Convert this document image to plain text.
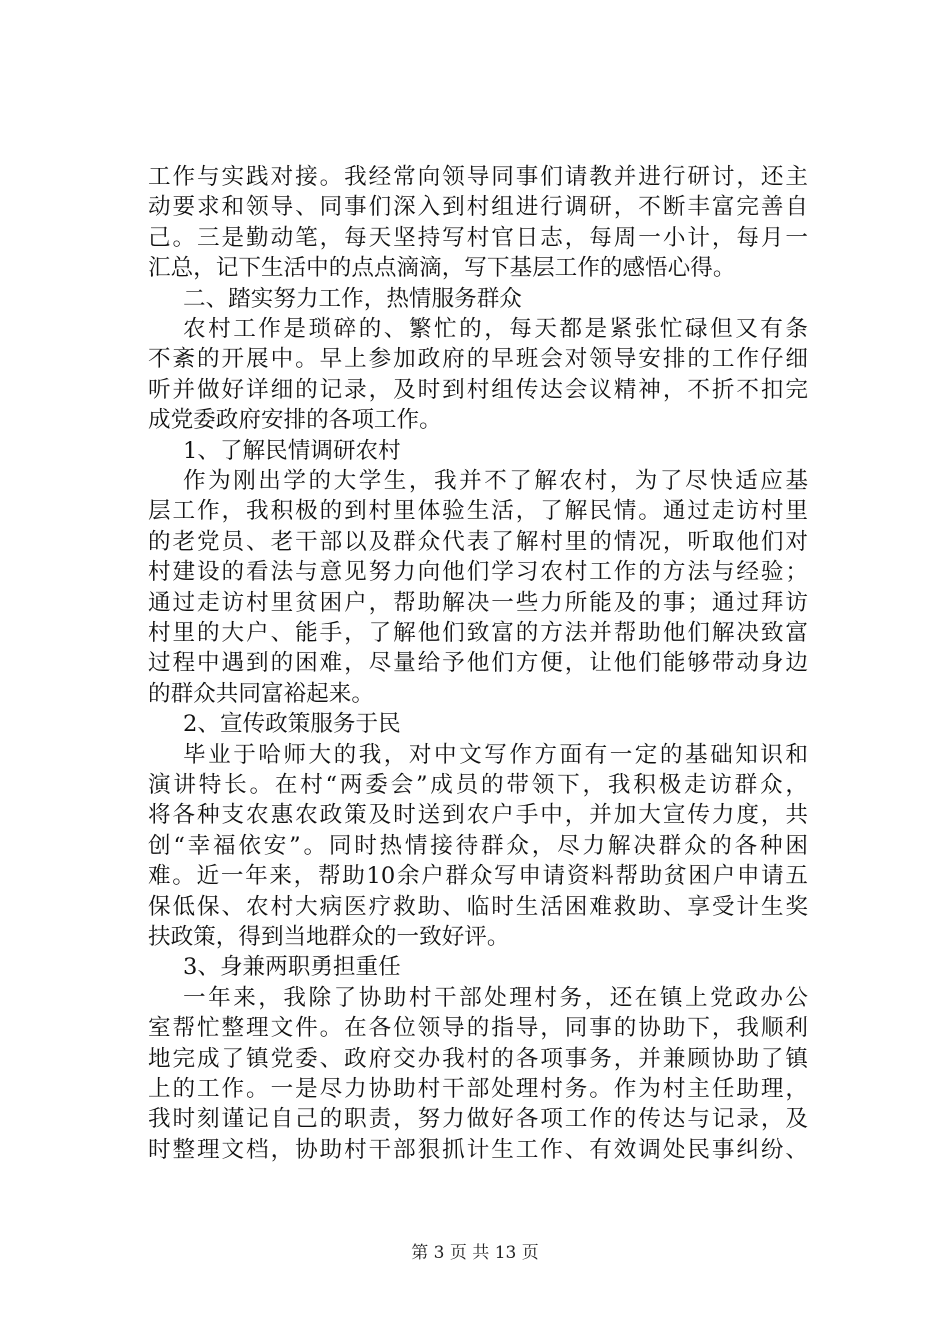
工作与实践对接。我经常向领导同事们请教并进行研讨，还主
动要求和领导、同事们深入到村组进行调研，不断丰富完善自
己。三是勤动笔，每天坚持写村官日志，每周一小计，每月一
汇总，记下生活中的点点滴滴，写下基层工作的感悟心得。
二、踏实努力工作，热情服务群众
农村工作是琐碎的、繁忙的，每天都是紧张忙碌但又有条
不紊的开展中。早上参加政府的早班会对领导安排的工作仔细
听并做好详细的记录，及时到村组传达会议精神，不折不扣完
成党委政府安排的各项工作。
1、了解民情调研农村
作为刚出学的大学生，我并不了解农村，为了尽快适应基
层工作，我积极的到村里体验生活，了解民情。通过走访村里
的老党员、老干部以及群众代表了解村里的情况，听取他们对
村建设的看法与意见努力向他们学习农村工作的方法与经验；
通过走访村里贫困户，帮助解决一些力所能及的事；通过拜访
村里的大户、能手，了解他们致富的方法并帮助他们解决致富
过程中遇到的困难，尽量给予他们方便，让他们能够带动身边
的群众共同富裕起来。
2、宣传政策服务于民
毕业于哈师大的我，对中文写作方面有一定的基础知识和
演讲特长。在村“两委会”成员的带领下，我积极走访群众，
将各种支农惠农政策及时送到农户手中，并加大宣传力度，共
创“幸福依安”。同时热情接待群众，尽力解决群众的各种困
难。近一年来，帮助10余户群众写申请资料帮助贫困户申请五
保低保、农村大病医疗救助、临时生活困难救助、享受计生奖
扶政策，得到当地群众的一致好评。
3、身兼两职勇担重任
一年来，我除了协助村干部处理村务，还在镇上党政办公
室帮忙整理文件。在各位领导的指导，同事的协助下，我顺利
地完成了镇党委、政府交办我村的各项事务，并兼顾协助了镇
上的工作。一是尽力协助村干部处理村务。作为村主任助理，
我时刻谨记自己的职责，努力做好各项工作的传达与记录，及
时整理文档，协助村干部狠抓计生工作、有效调处民事纠纷、
第 3 页 共 13 页
